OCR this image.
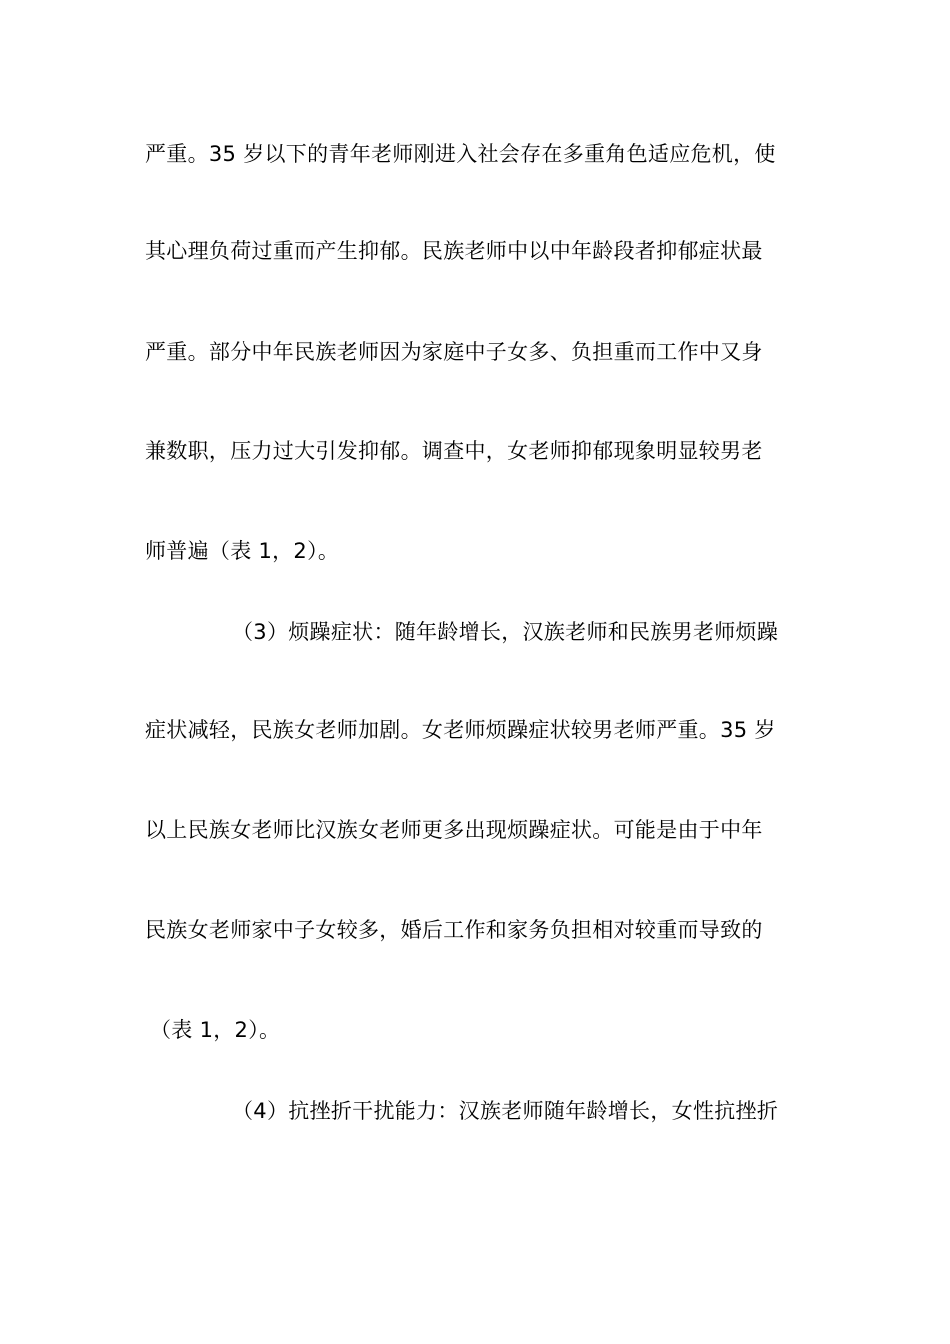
严重。35 岁以下的青年老师刚进入社会存在多重角色适应危机，使
其心理负荷过重而产生抑郁。民族老师中以中年龄段者抑郁症状最
严重。部分中年民族老师因为家庭中子女多、负担重而工作中又身
兼数职，压力过大引发抑郁。调查中，女老师抑郁现象明显较男老
师普遍（表 1，2）。
（3）烦躁症状：随年龄增长，汉族老师和民族男老师烦躁
症状减轻，民族女老师加剧。女老师烦躁症状较男老师严重。35 岁
以上民族女老师比汉族女老师更多出现烦躁症状。可能是由于中年
民族女老师家中子女较多，婚后工作和家务负担相对较重而导致的
（表 1，2）。
（4）抗挫折干扰能力：汉族老师随年龄增长，女性抗挫折
